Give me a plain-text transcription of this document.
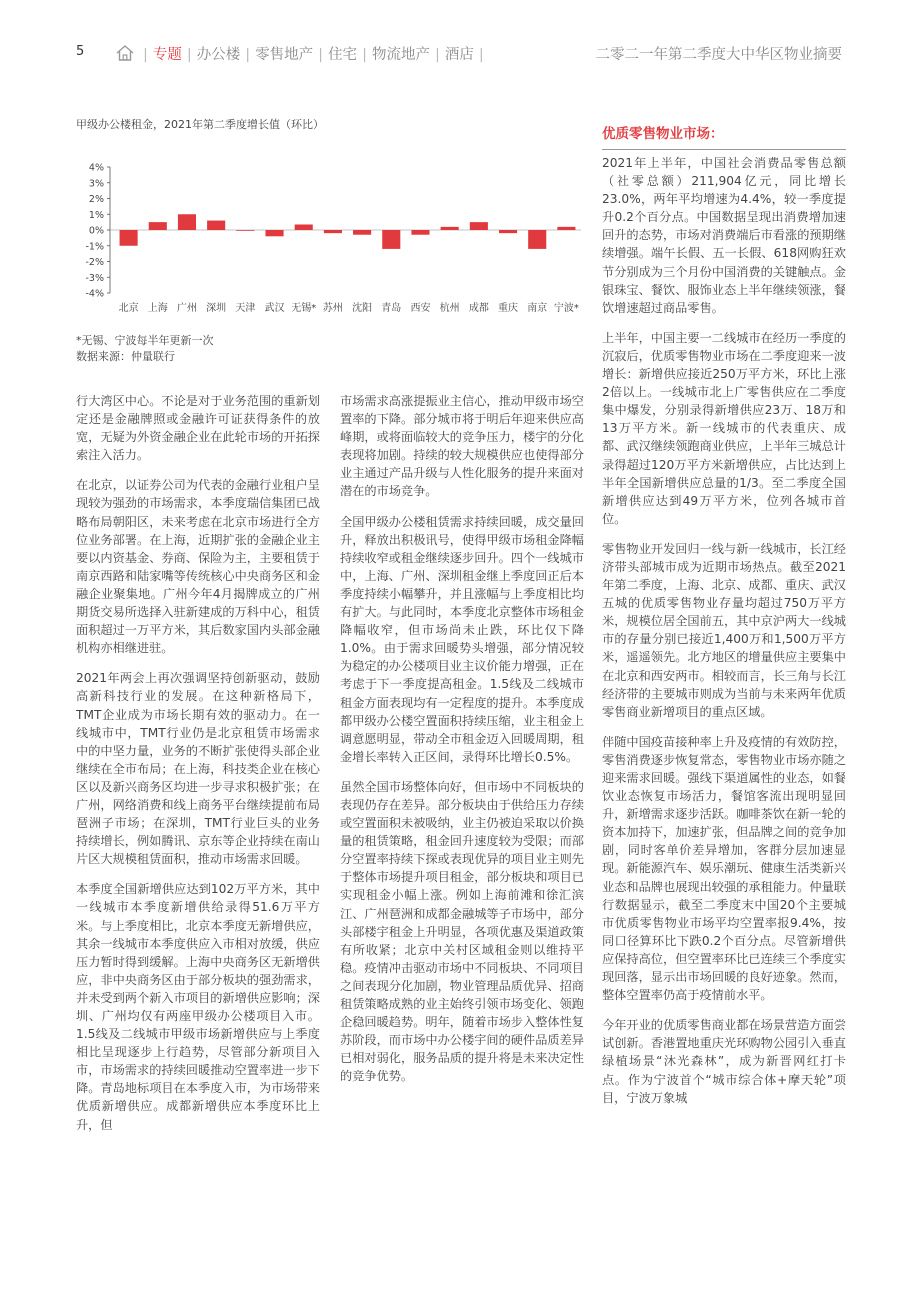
5	| 专题 | 办公楼 | 零售地产 | 住宅 | 物流地产 | 酒店 |	二零二一年第二季度大中华区物业摘要
甲级办公楼租金，2021年第二季度增长值（环比）
4%
3%
2%
1%
0%
-1%
-2%
-3%
-4%
北京 上海 广州 深圳 天津 武汉 无锡* 苏州 沈阳 青岛 西安 杭州 成都 重庆 南京 宁波*
*无锡、宁波每半年更新一次
数据来源：仲量联行

行大湾区中心。不论是对于业务范围的重新划定还是金融牌照或金融许可证获得条件的放宽，无疑为外资金融企业在此轮市场的开拓探索注入活力。

在北京，以证券公司为代表的金融行业租户呈现较为强劲的市场需求，本季度瑞信集团已战略布局朝阳区，未来考虑在北京市场进行全方位业务部署。在上海，近期扩张的金融企业主要以内资基金、券商、保险为主，主要租赁于南京西路和陆家嘴等传统核心中央商务区和金融企业聚集地。广州今年4月揭牌成立的广州期货交易所选择入驻新建成的万科中心，租赁面积超过一万平方米，其后数家国内头部金融机构亦相继进驻。

2021年两会上再次强调坚持创新驱动，鼓励高新科技行业的发展。在这种新格局下，TMT企业成为市场长期有效的驱动力。在一线城市中，TMT行业仍是北京租赁市场需求中的中坚力量，业务的不断扩张使得头部企业继续在全市布局；在上海，科技类企业在核心区以及新兴商务区均进一步寻求积极扩张；在广州，网络消费和线上商务平台继续提前布局琶洲子市场；在深圳，TMT行业巨头的业务持续增长，例如腾讯、京东等企业持续在南山片区大规模租赁面积，推动市场需求回暖。

本季度全国新增供应达到102万平方米，其中一线城市本季度新增供给录得51.6万平方米。与上季度相比，北京本季度无新增供应，其余一线城市本季度供应入市相对放缓，供应压力暂时得到缓解。上海中央商务区无新增供应，非中央商务区由于部分板块的强劲需求，并未受到两个新入市项目的新增供应影响；深圳、广州均仅有两座甲级办公楼项目入市。1.5线及二线城市甲级市场新增供应与上季度相比呈现逐步上行趋势，尽管部分新项目入市，市场需求的持续回暖推动空置率进一步下降。青岛地标项目在本季度入市，为市场带来优质新增供应。成都新增供应本季度环比上升，但

市场需求高涨提振业主信心，推动甲级市场空置率的下降。部分城市将于明后年迎来供应高峰期，或将面临较大的竞争压力，楼宇的分化表现将加剧。持续的较大规模供应也使得部分业主通过产品升级与人性化服务的提升来面对潜在的市场竞争。

全国甲级办公楼租赁需求持续回暖，成交量回升，释放出积极讯号，使得甲级市场租金降幅持续收窄或租金继续逐步回升。四个一线城市中，上海、广州、深圳租金继上季度回正后本季度持续小幅攀升，并且涨幅与上季度相比均有扩大。与此同时，本季度北京整体市场租金降幅收窄，但市场尚未止跌，环比仅下降1.0%。由于需求回暖势头增强，部分情况较为稳定的办公楼项目业主议价能力增强，正在考虑于下一季度提高租金。1.5线及二线城市租金方面表现均有一定程度的提升。本季度成都甲级办公楼空置面积持续压缩，业主租金上调意愿明显，带动全市租金迈入回暖周期，租金增长率转入正区间，录得环比增长0.5%。

虽然全国市场整体向好，但市场中不同板块的表现仍存在差异。部分板块由于供给压力存续或空置面积未被吸纳，业主仍被迫采取以价换量的租赁策略，租金回升速度较为受限；而部分空置率持续下探或表现优异的项目业主则先于整体市场提升项目租金，部分板块和项目已实现租金小幅上涨。例如上海前滩和徐汇滨江、广州琶洲和成都金融城等子市场中，部分头部楼宇租金上升明显，各项优惠及渠道政策有所收紧；北京中关村区域租金则以维持平稳。疫情冲击驱动市场中不同板块、不同项目之间表现分化加剧，物业管理品质优异、招商租赁策略成熟的业主始终引领市场变化、领跑企稳回暖趋势。明年，随着市场步入整体性复苏阶段，而市场中办公楼宇间的硬件品质差异已相对弱化，服务品质的提升将是未来决定性的竞争优势。

优质零售物业市场：

2021年上半年，中国社会消费品零售总额（社零总额）211,904亿元，同比增长23.0%，两年平均增速为4.4%，较一季度提升0.2个百分点。中国数据呈现出消费增加速回升的态势，市场对消费端后市看涨的预期继续增强。端午长假、五一长假、618网购狂欢节分别成为三个月份中国消费的关键触点。金银珠宝、餐饮、服饰业态上半年继续领涨，餐饮增速超过商品零售。

上半年，中国主要一二线城市在经历一季度的沉寂后，优质零售物业市场在二季度迎来一波增长：新增供应接近250万平方米，环比上涨2倍以上。一线城市北上广零售供应在二季度集中爆发，分别录得新增供应23万、18万和13万平方米。新一线城市的代表重庆、成都、武汉继续领跑商业供应，上半年三城总计录得超过120万平方米新增供应，占比达到上半年全国新增供应总量的1/3。至二季度全国新增供应达到49万平方米，位列各城市首位。

零售物业开发回归一线与新一线城市，长江经济带头部城市成为近期市场热点。截至2021年第二季度，上海、北京、成都、重庆、武汉五城的优质零售物业存量均超过750万平方米，规模位居全国前五，其中京沪两大一线城市的存量分别已接近1,400万和1,500万平方米，遥遥领先。北方地区的增量供应主要集中在北京和西安两市。相较而言，长三角与长江经济带的主要城市则成为当前与未来两年优质零售商业新增项目的重点区域。

伴随中国疫苗接种率上升及疫情的有效防控，零售消费逐步恢复常态，零售物业市场亦随之迎来需求回暖。强线下渠道属性的业态，如餐饮业态恢复市场活力，餐馆客流出现明显回升，新增需求逐步活跃。咖啡茶饮在新一轮的资本加持下，加速扩张，但品牌之间的竞争加剧，同时客单价差异增加，客群分层加速显现。新能源汽车、娱乐潮玩、健康生活类新兴业态和品牌也展现出较强的承租能力。仲量联行数据显示，截至二季度末中国20个主要城市优质零售物业市场平均空置率报9.4%，按同口径算环比下跌0.2个百分点。尽管新增供应保持高位，但空置率环比已连续三个季度实现回落，显示出市场回暖的良好迹象。然而，整体空置率仍高于疫情前水平。

今年开业的优质零售商业都在场景营造方面尝试创新。香港置地重庆光环购物公园引入垂直绿植场景“沐光森林”，成为新晋网红打卡点。作为宁波首个“城市综合体+摩天轮”项目，宁波万象城
